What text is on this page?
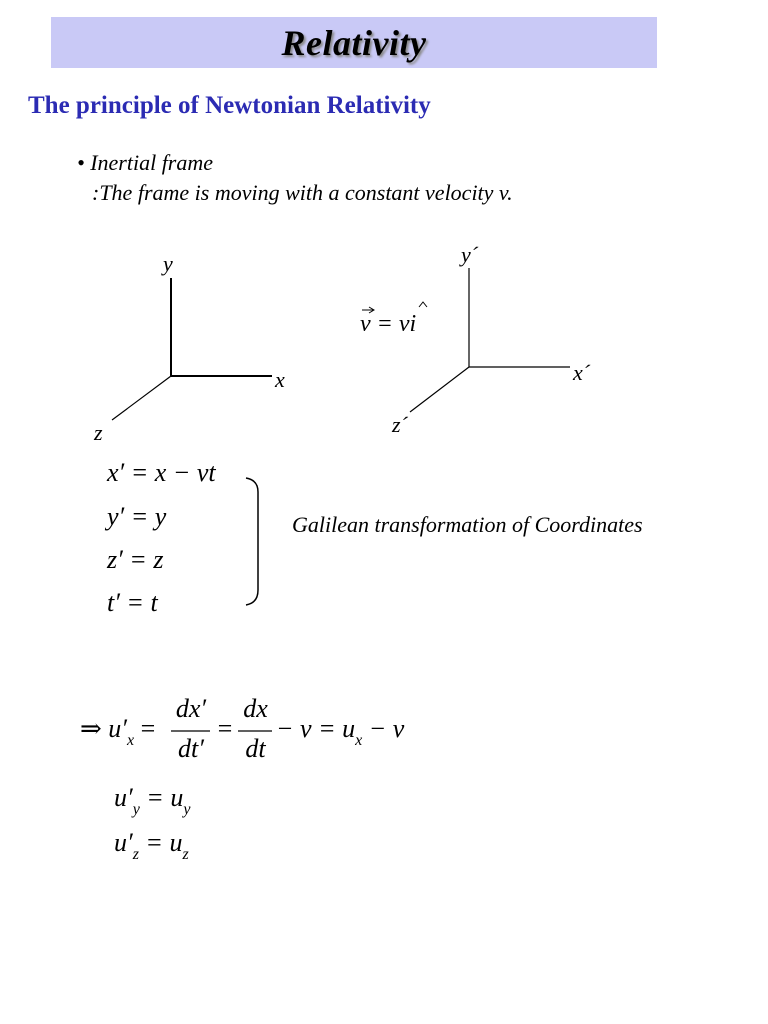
Relativity
The principle of Newtonian Relativity
• Inertial frame
:The frame is moving with a constant velocity v.
y
x
z
y´
x´
z´
v = vi
x′ = x − vt
y′ = y
z′ = z
t′ = t
Galilean transformation of Coordinates
⇒ $u'_x$ =
dx′
dt′
=
dx
dt
− $v = u_x - v$
$u'_y = u_y$
$u'_z = u_z$
